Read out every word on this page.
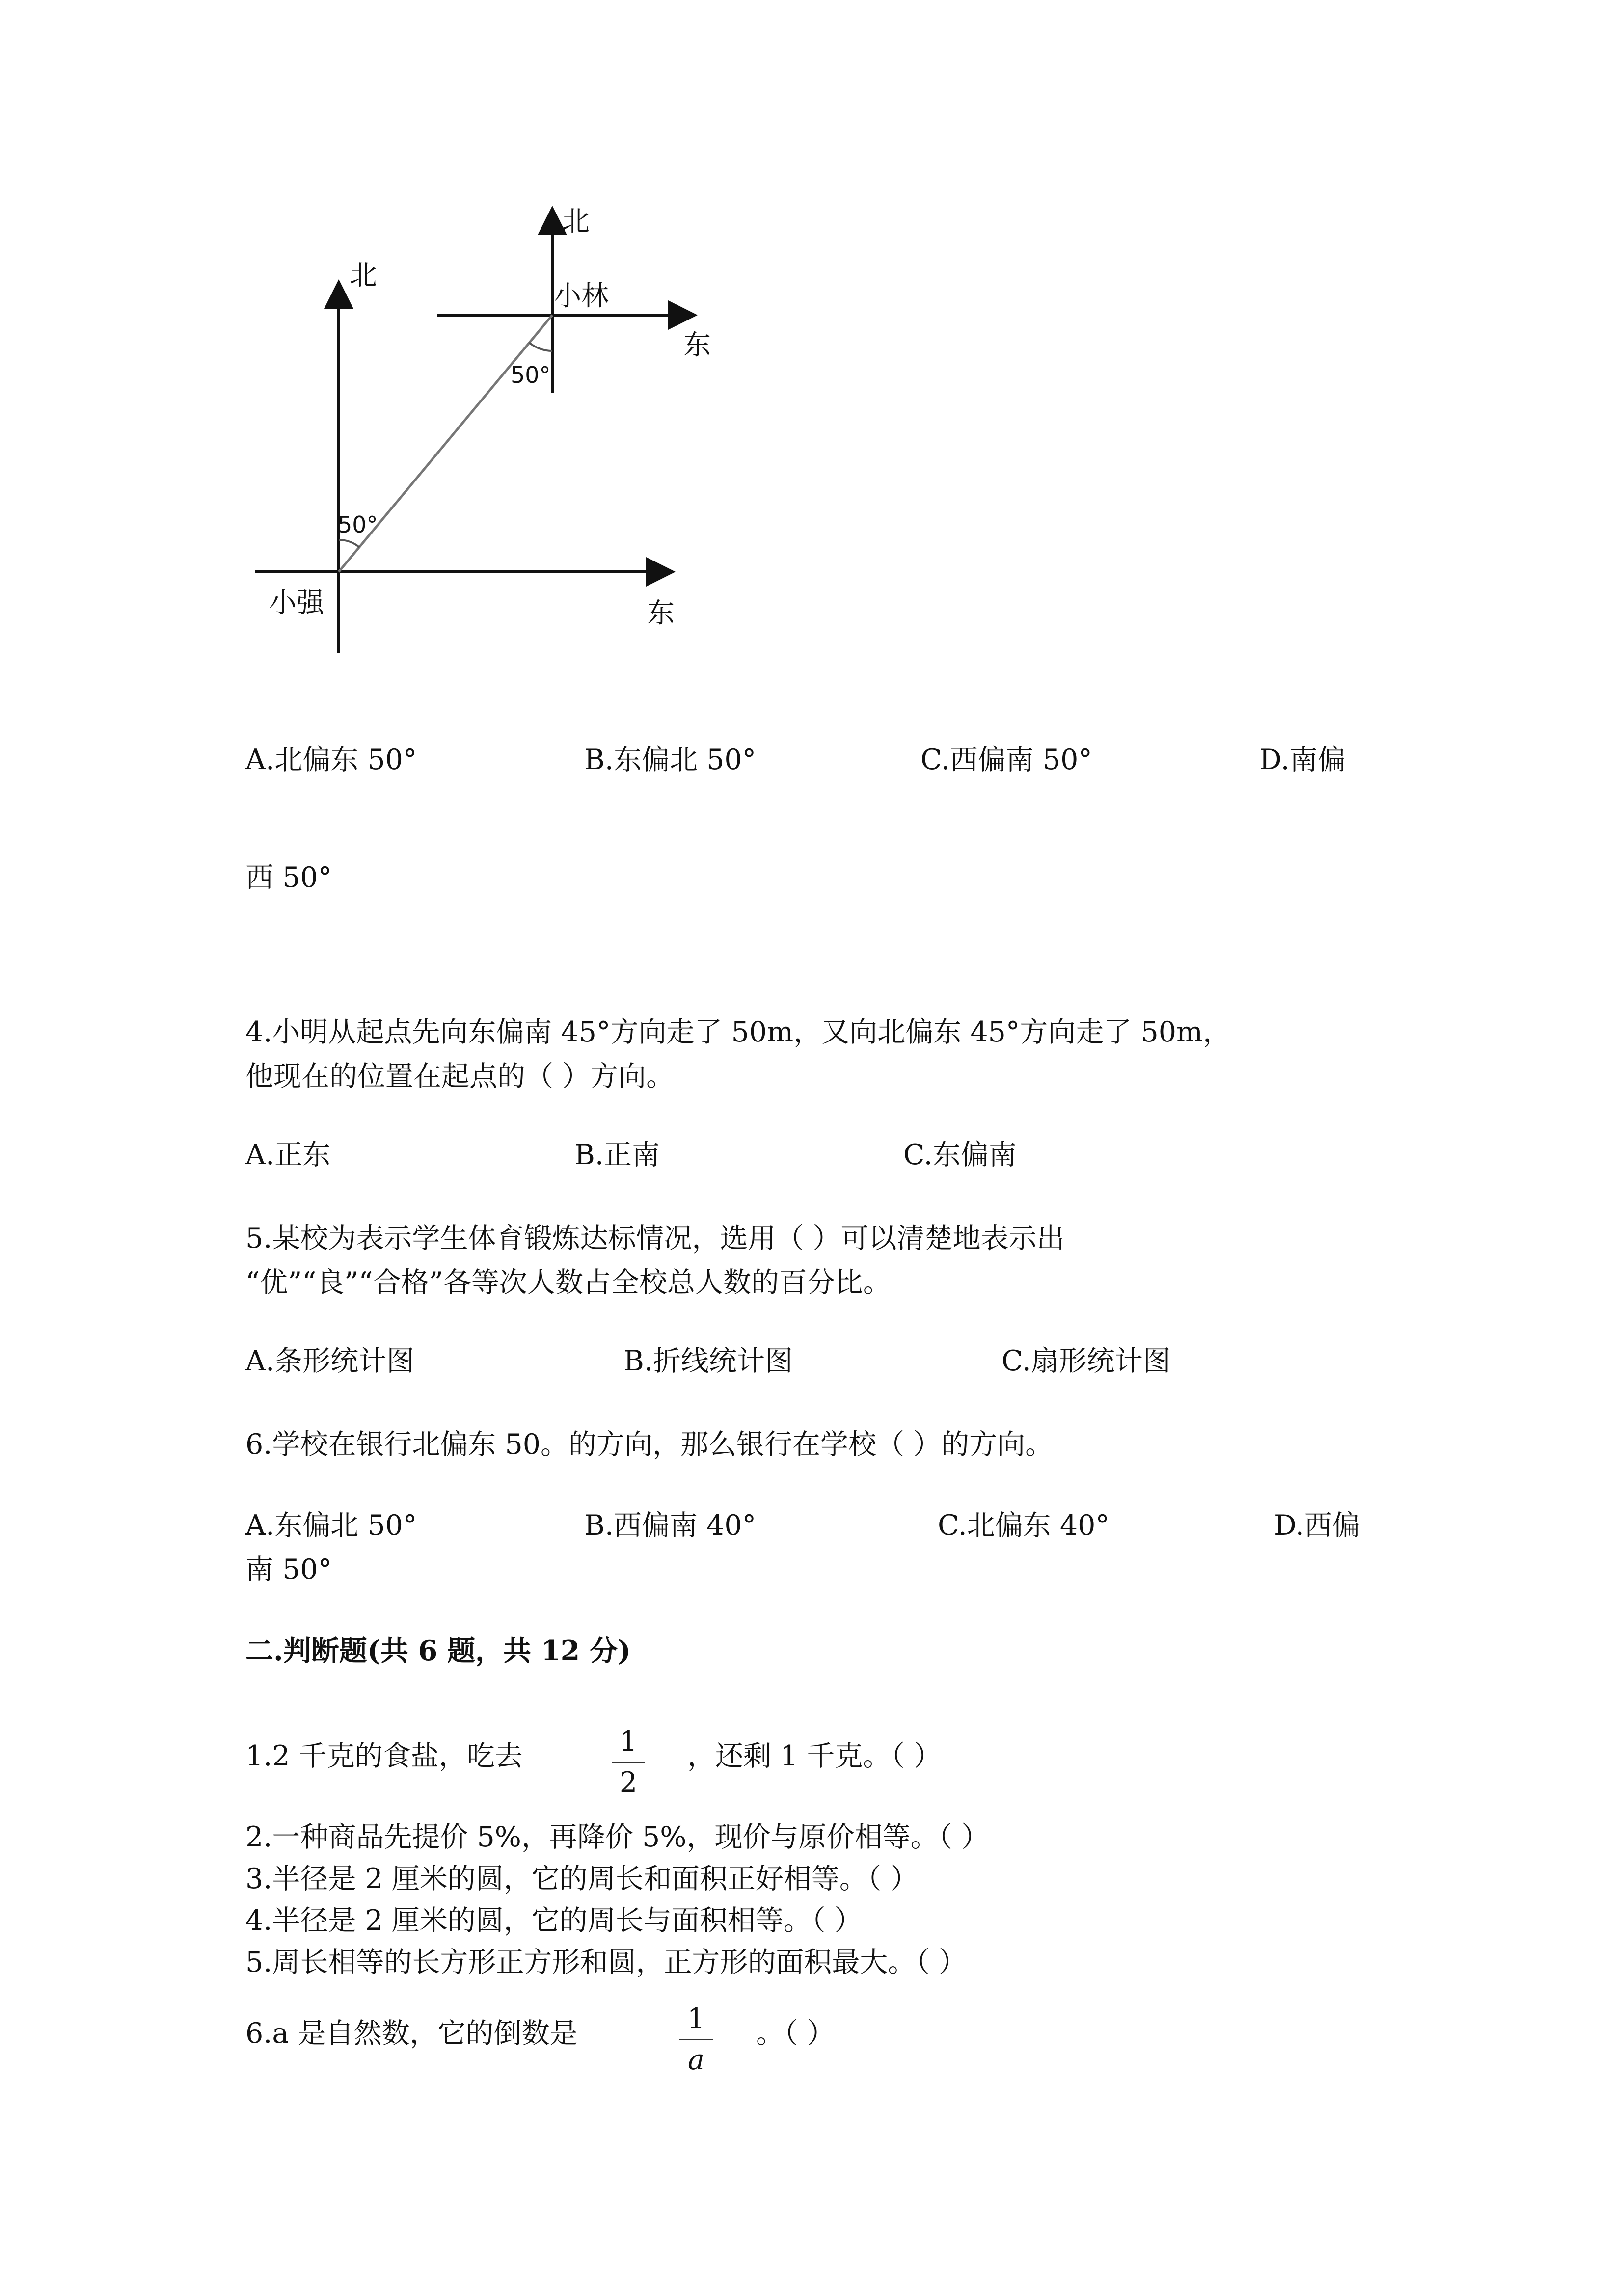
北
北
小林
东
50°
50°
小强	东
A.北偏东 50°	B.东偏北 50°	C.西偏南 50°	D.南偏
西 50°
4.小明从起点先向东偏南 45°方向走了 50m，又向北偏东 45°方向走了 50m，
他现在的位置在起点的（ ）方向。
A.正东	B.正南	C.东偏南
5.某校为表示学生体育锻炼达标情况，选用（ ）可以清楚地表示出
“优”“良”“合格”各等次人数占全校总人数的百分比。
A.条形统计图	B.折线统计图	C.扇形统计图
6.学校在银行北偏东 50。的方向，那么银行在学校（ ）的方向。
A.东偏北 50°	B.西偏南 40°	C.北偏东 40°	D.西偏
南 50°
二.判断题(共 6 题，共 12 分)
1.2 千克的食盐，吃去	1
2
，还剩 1 千克。（ ）
2.一种商品先提价 5%，再降价 5%，现价与原价相等。（ ）
3.半径是 2 厘米的圆，它的周长和面积正好相等。（ ）
4.半径是 2 厘米的圆，它的周长与面积相等。（ ）
5.周长相等的长方形正方形和圆，正方形的面积最大。（ ）
6.a 是自然数，它的倒数是	1
a
。（ ）
